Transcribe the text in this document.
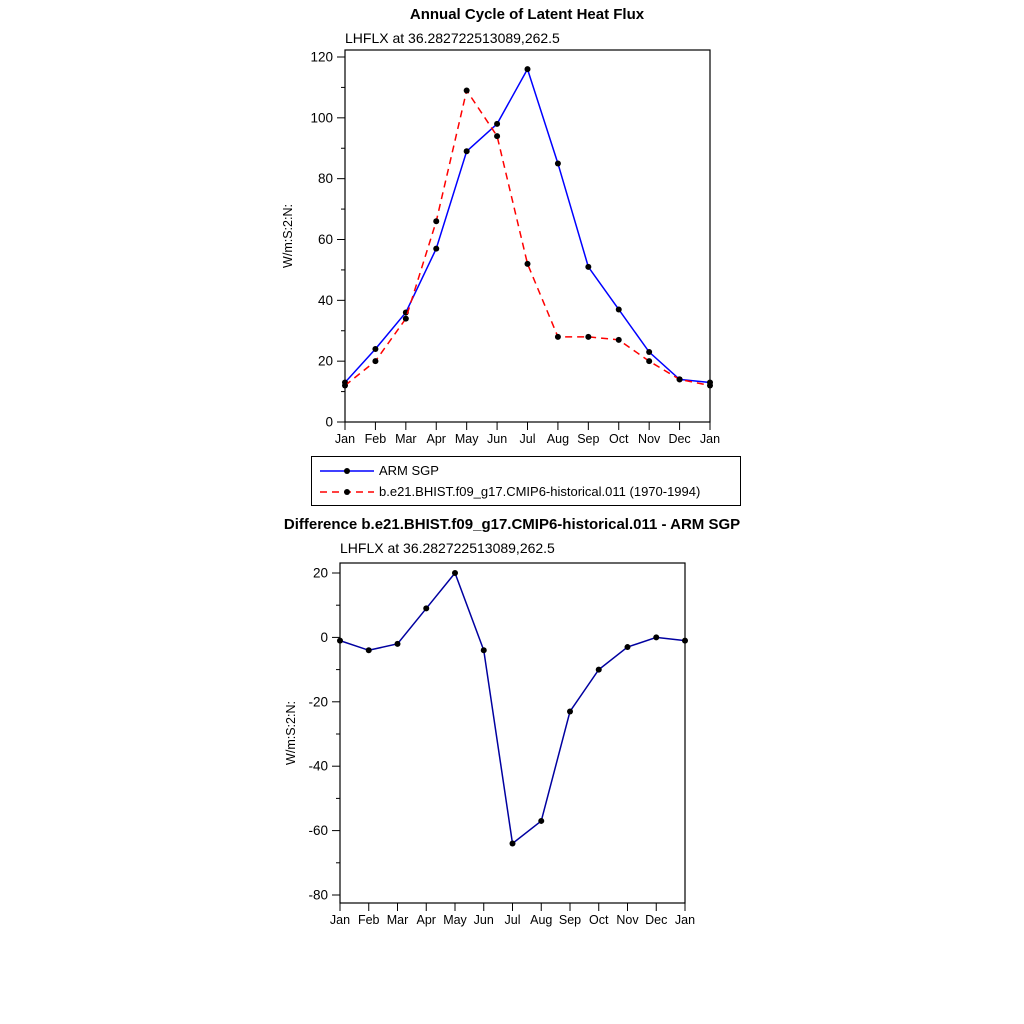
Annual Cycle of Latent Heat Flux
LHFLX at 36.282722513089,262.5
0
20
40
60
80
100
120
Jan Feb Mar Apr May Jun Jul Aug Sep Oct Nov Dec Jan
W/m:S:2:N:
ARM SGP
b.e21.BHIST.f09_g17.CMIP6-historical.011 (1970-1994)
Difference b.e21.BHIST.f09_g17.CMIP6-historical.011 - ARM SGP
LHFLX at 36.282722513089,262.5
-80
-60
-40
-20
0
20
Jan Feb Mar Apr May Jun Jul Aug Sep Oct Nov Dec Jan
W/m:S:2:N:
